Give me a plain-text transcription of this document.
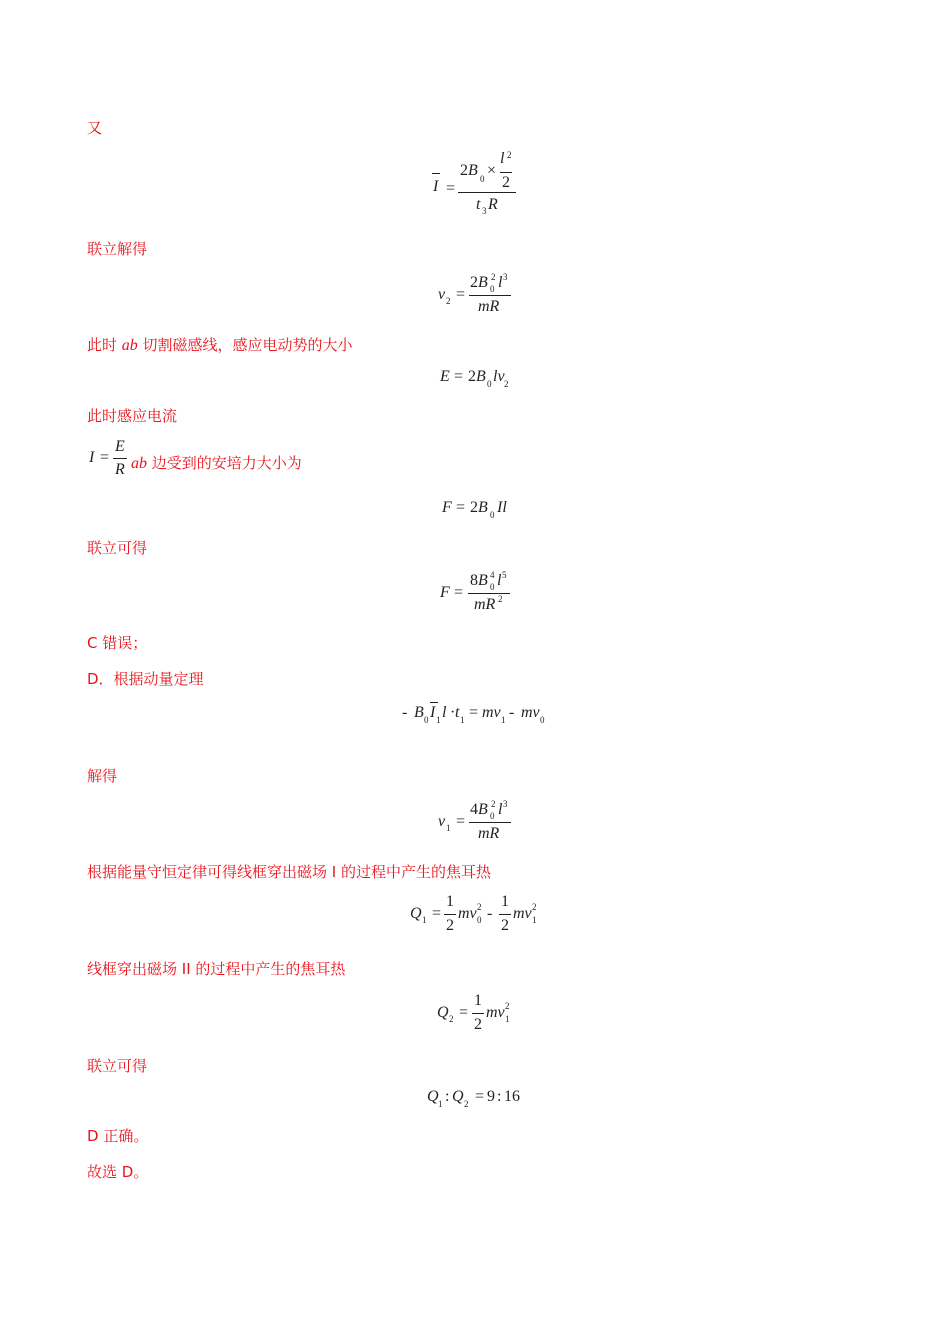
又
联立解得
此时 ab 切割磁感线，感应电动势的大小
此时感应电流
ab 边受到的安培力大小为
联立可得
C 错误；
D．根据动量定理
解得
根据能量守恒定律可得线框穿出磁场 I 的过程中产生的焦耳热
线框穿出磁场 II 的过程中产生的焦耳热
联立可得
D 正确。
故选 D。
I =
2B 0 ×
l 2
2
t 3 R
v 2 =
2B 2
0 l 3
mR
E = 2B 0 lv 2
I =
E
R
F = 2B 0 Il
F =
8B 4
0 l 5
mR 2
- B 0 I 1 l · t 1 = mv 1 - mv 0
v 1 =
4B 2
0 l 3
mR
Q 1 =
1
2
mv 2
0 -
1
2
mv 2
1
Q 2 =
1
2
mv 2
1
Q 1 : Q 2 = 9 : 16
